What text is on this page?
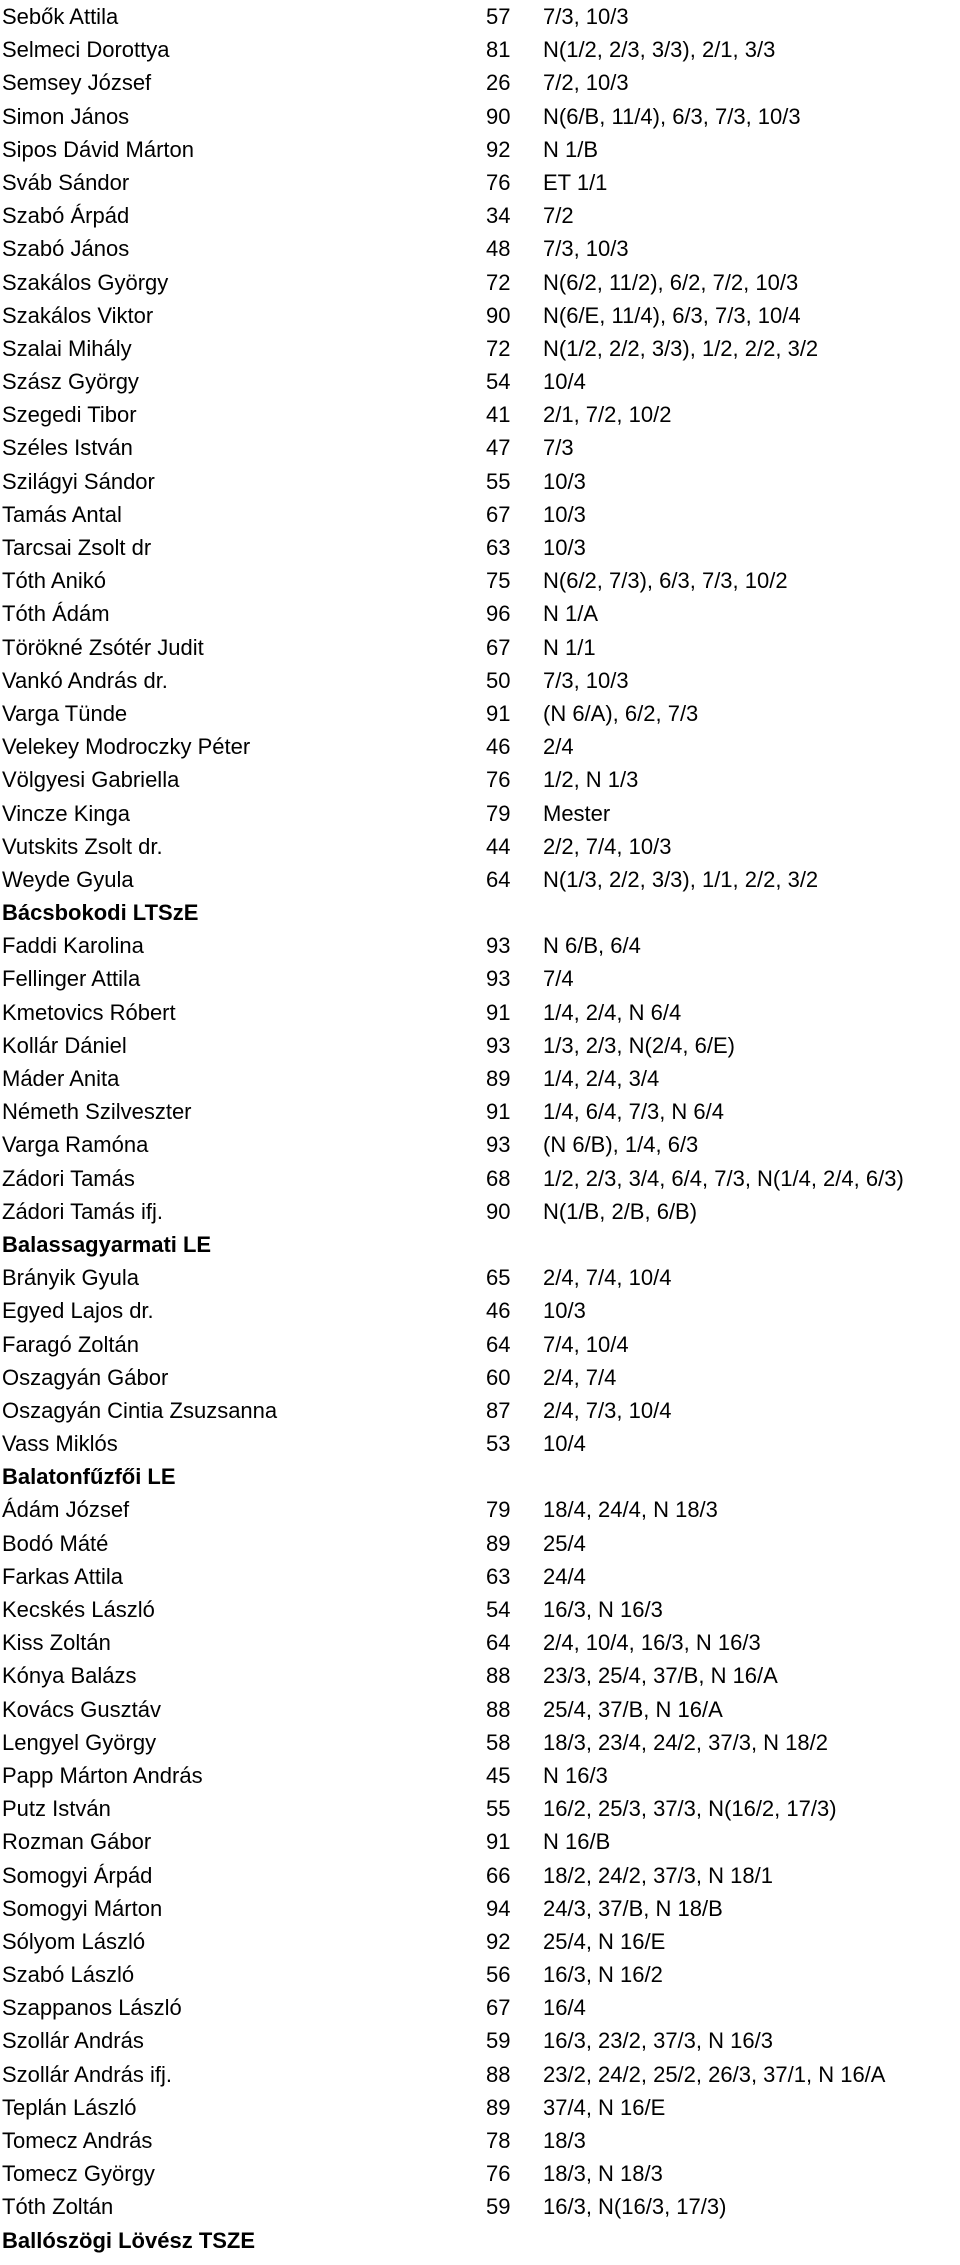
Sebők Attila	57 7/3, 10/3
Selmeci Dorottya	81 N(1/2, 2/3, 3/3), 2/1, 3/3
Semsey József	26 7/2, 10/3
Simon János	90 N(6/B, 11/4), 6/3, 7/3, 10/3
Sipos Dávid Márton	92 N 1/B
Sváb Sándor	76 ET 1/1
Szabó Árpád	34 7/2
Szabó János	48 7/3, 10/3
Szakálos György	72 N(6/2, 11/2), 6/2, 7/2, 10/3
Szakálos Viktor	90 N(6/E, 11/4), 6/3, 7/3, 10/4
Szalai Mihály	72 N(1/2, 2/2, 3/3), 1/2, 2/2, 3/2
Szász György	54 10/4
Szegedi Tibor	41 2/1, 7/2, 10/2
Széles István	47 7/3
Szilágyi Sándor	55 10/3
Tamás Antal	67 10/3
Tarcsai Zsolt dr	63 10/3
Tóth Anikó	75 N(6/2, 7/3), 6/3, 7/3, 10/2
Tóth Ádám	96 N 1/A
Törökné Zsótér Judit	67 N 1/1
Vankó András dr.	50 7/3, 10/3
Varga Tünde	91 (N 6/A), 6/2, 7/3
Velekey Modroczky Péter	46 2/4
Völgyesi Gabriella	76 1/2, N 1/3
Vincze Kinga	79 Mester
Vutskits Zsolt dr.	44 2/2, 7/4, 10/3
Weyde Gyula	64 N(1/3, 2/2, 3/3), 1/1, 2/2, 3/2
Bácsbokodi LTSzE
Faddi Karolina	93 N 6/B, 6/4
Fellinger Attila	93 7/4
Kmetovics Róbert	91 1/4, 2/4, N 6/4
Kollár Dániel	93 1/3, 2/3, N(2/4, 6/E)
Máder Anita	89 1/4, 2/4, 3/4
Németh Szilveszter	91 1/4, 6/4, 7/3, N 6/4
Varga Ramóna	93 (N 6/B), 1/4, 6/3
Zádori Tamás	68 1/2, 2/3, 3/4, 6/4, 7/3, N(1/4, 2/4, 6/3)
Zádori Tamás ifj.	90 N(1/B, 2/B, 6/B)
Balassagyarmati LE
Brányik Gyula	65 2/4, 7/4, 10/4
Egyed Lajos dr.	46 10/3
Faragó Zoltán	64 7/4, 10/4
Oszagyán Gábor	60 2/4, 7/4
Oszagyán Cintia Zsuzsanna	87 2/4, 7/3, 10/4
Vass Miklós	53 10/4
Balatonfűzfői LE
Ádám József	79 18/4, 24/4, N 18/3
Bodó Máté	89 25/4
Farkas Attila	63 24/4
Kecskés László	54 16/3, N 16/3
Kiss Zoltán	64 2/4, 10/4, 16/3, N 16/3
Kónya Balázs	88 23/3, 25/4, 37/B, N 16/A
Kovács Gusztáv	88 25/4, 37/B, N 16/A
Lengyel György	58 18/3, 23/4, 24/2, 37/3, N 18/2
Papp Márton András	45 N 16/3
Putz István	55 16/2, 25/3, 37/3, N(16/2, 17/3)
Rozman Gábor	91 N 16/B
Somogyi Árpád	66 18/2, 24/2, 37/3, N 18/1
Somogyi Márton	94 24/3, 37/B, N 18/B
Sólyom László	92 25/4, N 16/E
Szabó László	56 16/3, N 16/2
Szappanos László	67 16/4
Szollár András	59 16/3, 23/2, 37/3, N 16/3
Szollár András ifj.	88 23/2, 24/2, 25/2, 26/3, 37/1, N 16/A
Teplán László	89 37/4, N 16/E
Tomecz András	78 18/3
Tomecz György	76 18/3, N 18/3
Tóth Zoltán	59 16/3, N(16/3, 17/3)
Ballószögi Lövész TSZE
